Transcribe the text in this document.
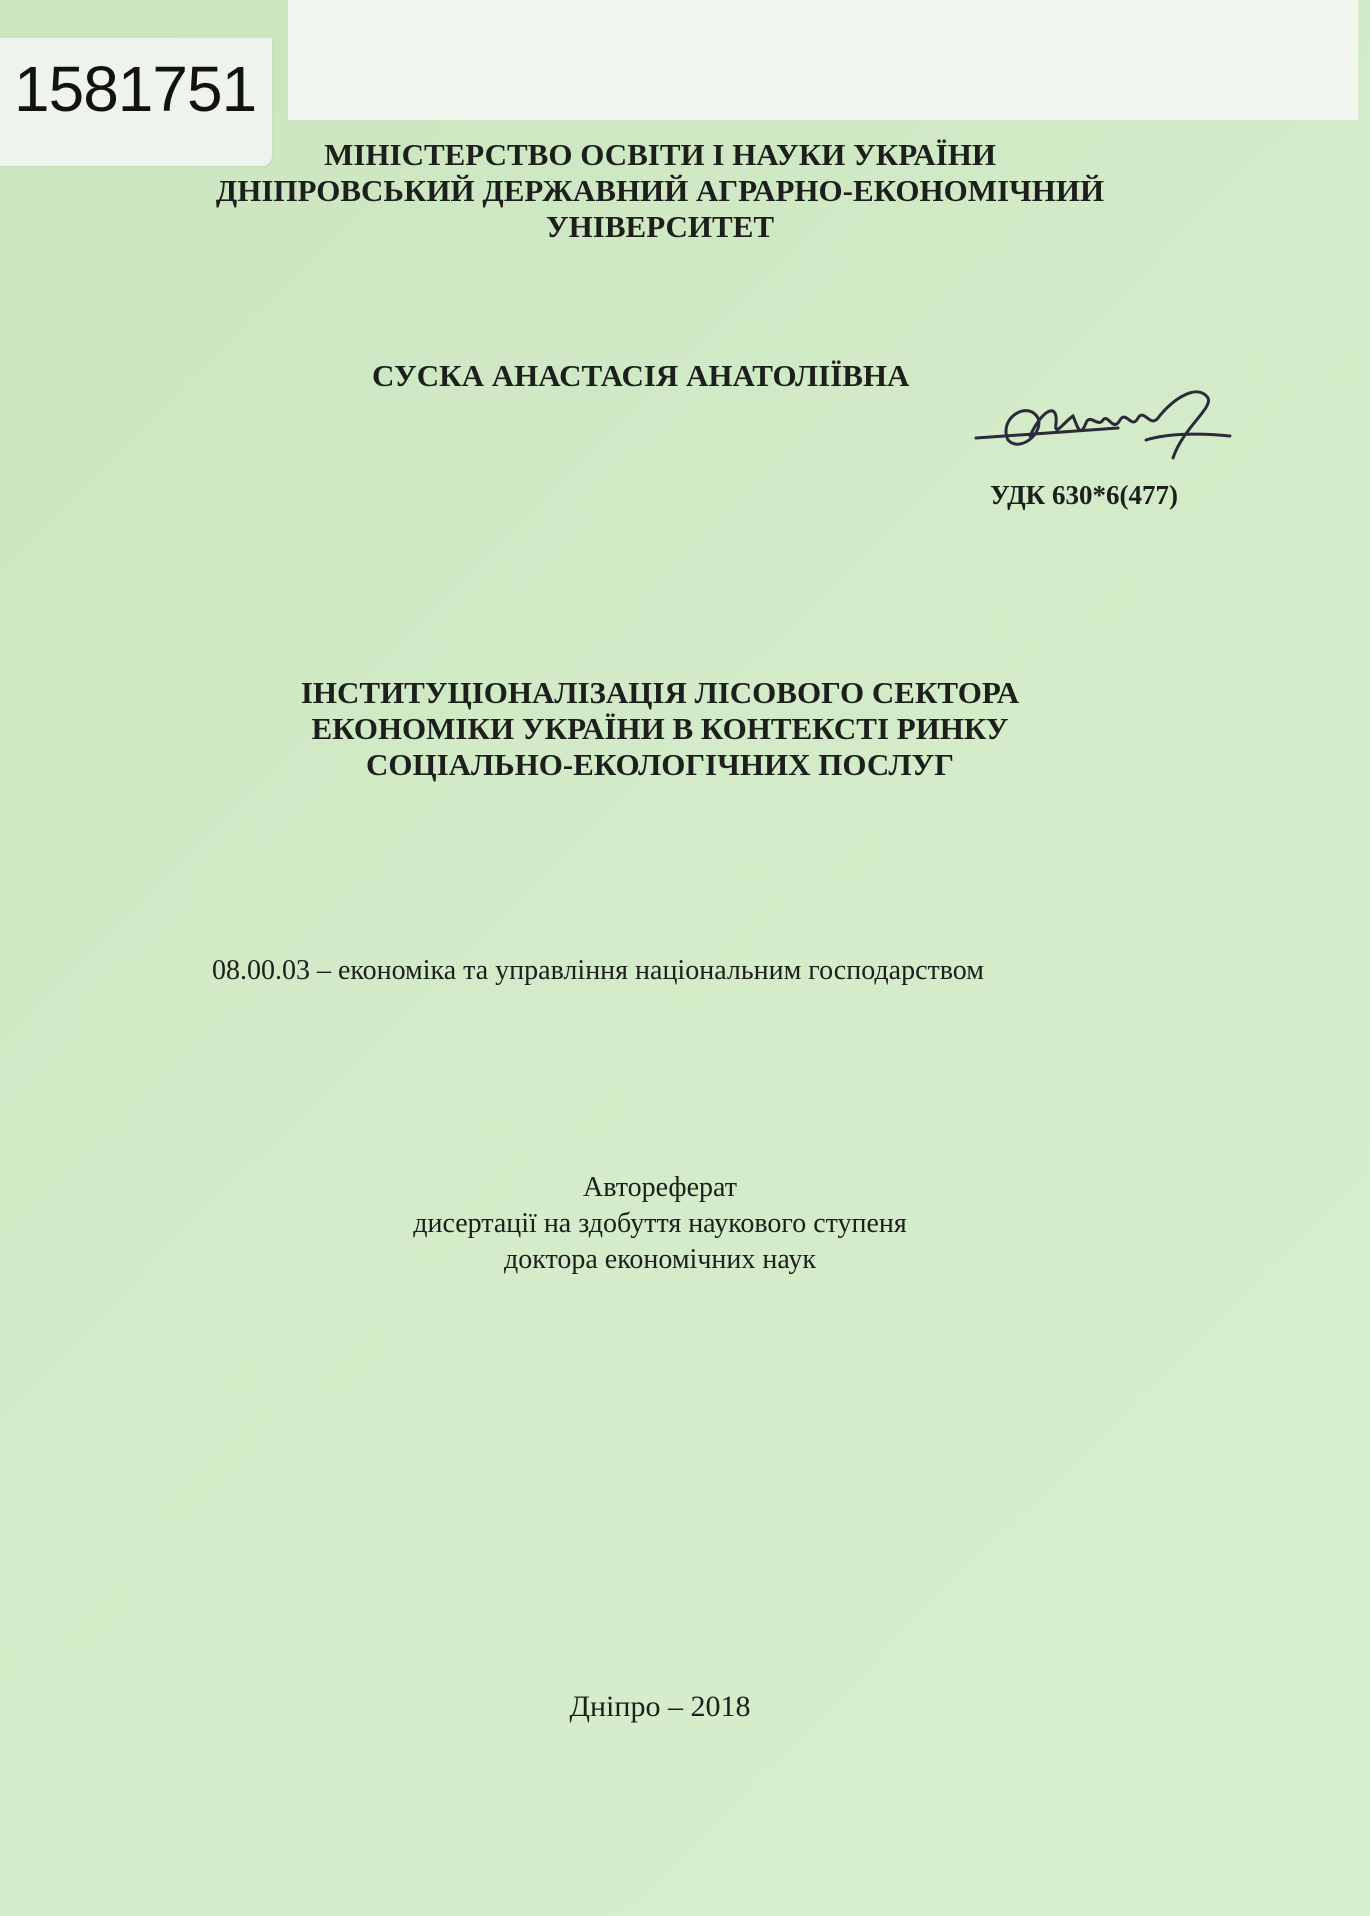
1581751
МІНІСТЕРСТВО ОСВІТИ І НАУКИ УКРАЇНИ
ДНІПРОВСЬКИЙ ДЕРЖАВНИЙ АГРАРНО-ЕКОНОМІЧНИЙ
УНІВЕРСИТЕТ
СУСКА АНАСТАСІЯ АНАТОЛІЇВНА
УДК 630*6(477)
ІНСТИТУЦІОНАЛІЗАЦІЯ ЛІСОВОГО СЕКТОРА
ЕКОНОМІКИ УКРАЇНИ В КОНТЕКСТІ РИНКУ
СОЦІАЛЬНО-ЕКОЛОГІЧНИХ ПОСЛУГ
08.00.03 – економіка та управління національним господарством
Автореферат
дисертації на здобуття наукового ступеня
доктора економічних наук
Дніпро – 2018
